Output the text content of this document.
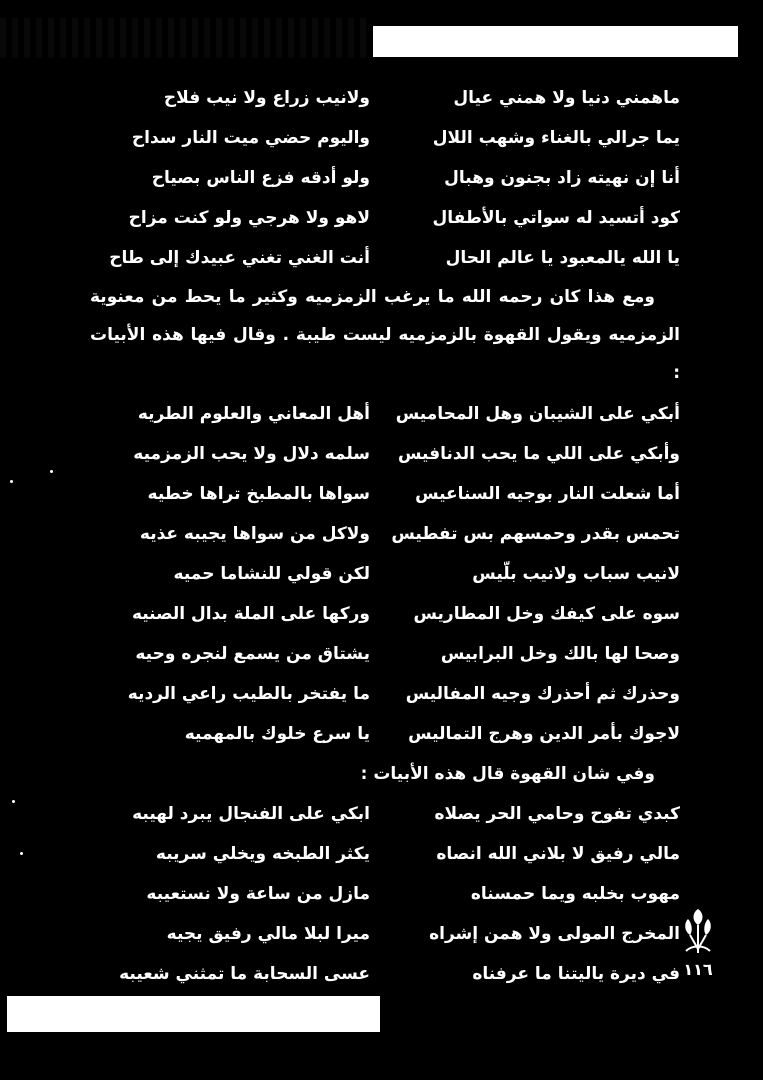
ماهمني دنيا ولا همني عيال
ولانيب زراع ولا نيب فلاح
يما جرالي بالغناء وشهب اللال
واليوم حضي ميت النار سداح
أنا إن نهيته زاد بجنون وهبال
ولو أدقه فزع الناس بصياح
كود أتسيد له سواتي بالأطفال
لاهو ولا هرجي ولو كنت مزاح
يا الله يالمعبود يا عالم الحال
أنت الغني تغني عبيدك إلى طاح
ومع هذا كان رحمه الله ما يرغب الزمزميه وكثير ما يحط من معنوية الزمزميه ويقول القهوة بالزمزميه ليست طيبة . وقال فيها هذه الأبيات :
أبكي على الشيبان وهل المحاميس
أهل المعاني والعلوم الطريه
وأبكي على اللي ما يحب الدنافيس
سلمه دلال ولا يحب الزمزميه
أما شعلت النار بوجيه السناعيس
سواها بالمطبخ تراها خطيه
تحمس بقدر وحمسهم بس تفطيس
ولاكل من سواها يجيبه عذيه
لانيب سباب ولانيب بلّيس
لكن قولي للنشاما حميه
سوه على كيفك وخل المطاريس
وركها على الملة بدال الصنيه
وصحا لها بالك وخل البرابيس
يشتاق من يسمع لنجره وحيه
وحذرك ثم أحذرك وجيه المفاليس
ما يفتخر بالطيب راعي الرديه
لاجوك بأمر الدين وهرج التماليس
يا سرع خلوك بالمهميه
وفي شان القهوة قال هذه الأبيات :
كبدي تفوح وحامي الحر يصلاه
ابكي على الفنجال يبرد لهيبه
مالي رفيق لا بلاني الله انصاه
يكثر الطبخه ويخلي سريبه
مهوب بخلبه ويما حمسناه
مازل من ساعة ولا نستعيبه
المخرج المولى ولا همن إشراه
ميرا لبلا مالي رفيق يجيه
في ديرة ياليتنا ما عرفناه
عسى السحابة ما تمثني شعيبه	١١٦
